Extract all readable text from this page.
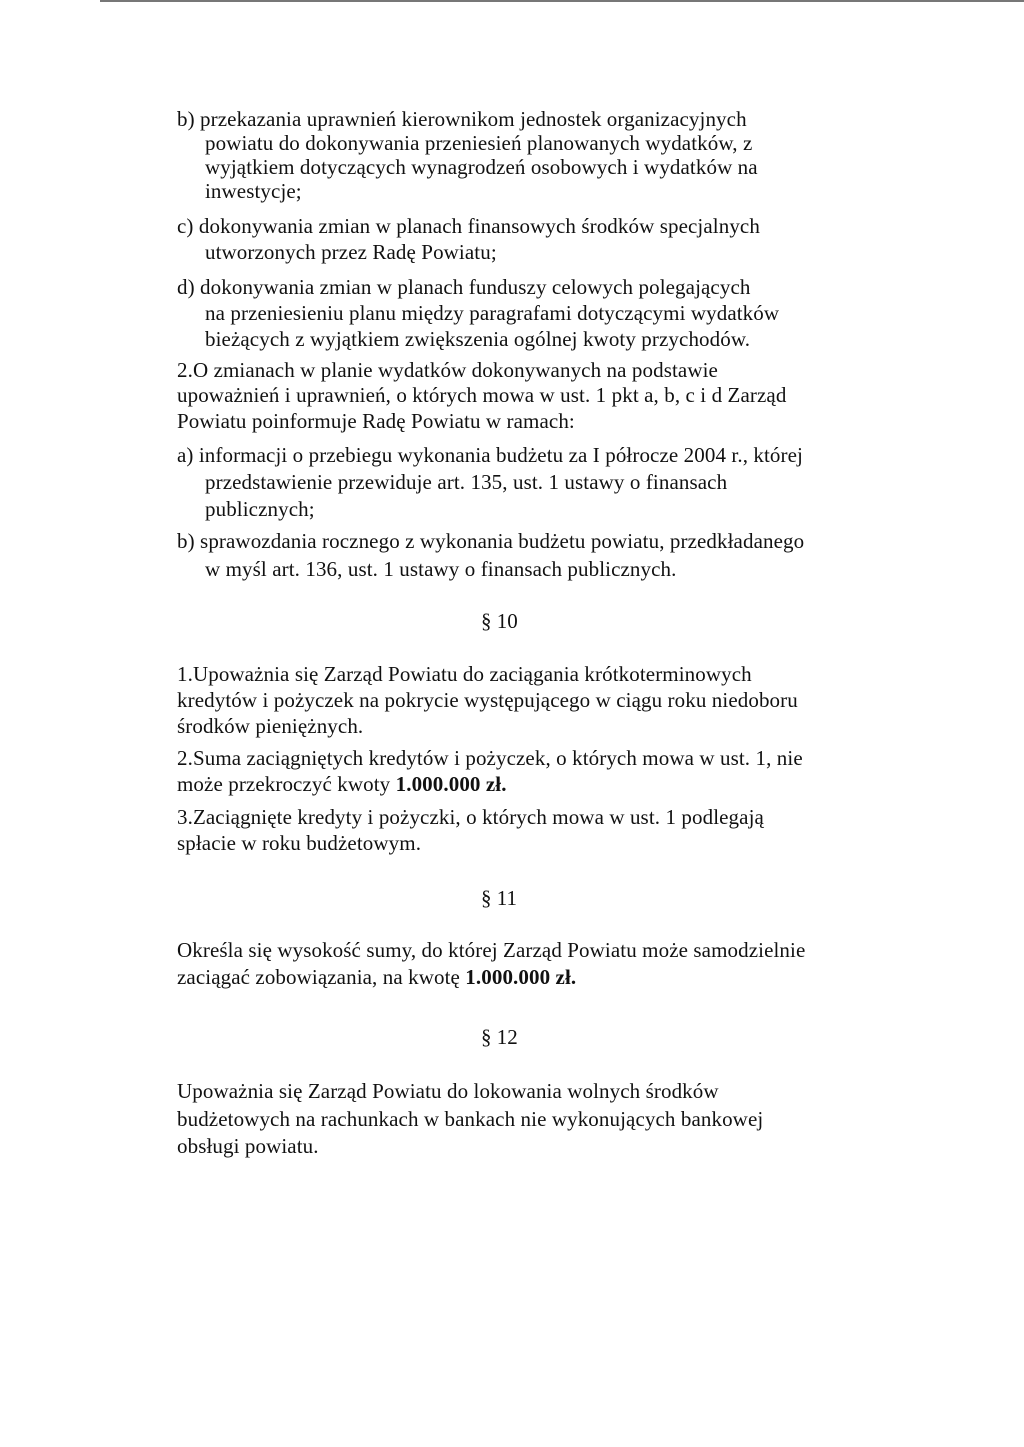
b) przekazania uprawnień kierownikom jednostek organizacyjnych
powiatu do dokonywania przeniesień planowanych wydatków, z
wyjątkiem dotyczących wynagrodzeń osobowych i wydatków na
inwestycje;
c) dokonywania zmian w planach finansowych środków specjalnych
utworzonych przez Radę Powiatu;
d) dokonywania zmian w planach funduszy celowych polegających
na przeniesieniu planu między paragrafami dotyczącymi wydatków
bieżących z wyjątkiem zwiększenia ogólnej kwoty przychodów.
2.O zmianach w planie wydatków dokonywanych na podstawie
upoważnień i uprawnień, o których mowa w ust. 1 pkt a, b, c i d Zarząd
Powiatu poinformuje Radę Powiatu w ramach:
a) informacji o przebiegu wykonania budżetu za I półrocze 2004 r., której
przedstawienie przewiduje art. 135, ust. 1 ustawy o finansach
publicznych;
b) sprawozdania rocznego z wykonania budżetu powiatu, przedkładanego
w myśl art. 136, ust. 1 ustawy o finansach publicznych.
§ 10
1.Upoważnia się Zarząd Powiatu do zaciągania krótkoterminowych
kredytów i pożyczek na pokrycie występującego w ciągu roku niedoboru
środków pieniężnych.
2.Suma zaciągniętych kredytów i pożyczek, o których mowa w ust. 1, nie
może przekroczyć kwoty 1.000.000 zł.
3.Zaciągnięte kredyty i pożyczki, o których mowa w ust. 1 podlegają
spłacie w roku budżetowym.
§ 11
Określa się wysokość sumy, do której Zarząd Powiatu może samodzielnie
zaciągać zobowiązania, na kwotę 1.000.000 zł.
§ 12
Upoważnia się Zarząd Powiatu do lokowania wolnych środków
budżetowych na rachunkach w bankach nie wykonujących bankowej
obsługi powiatu.
